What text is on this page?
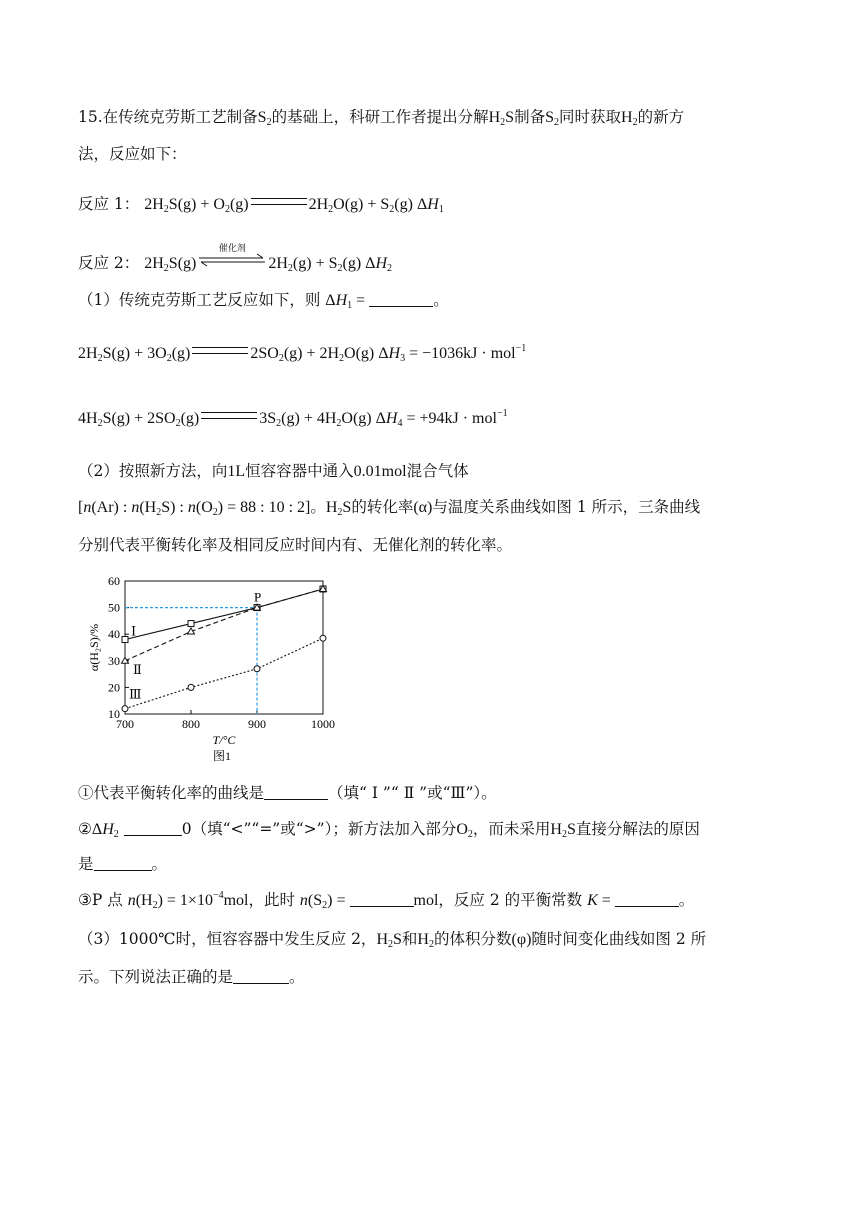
15.在传统克劳斯工艺制备$S_2$的基础上，科研工作者提出分解$H_2S$制备$S_2$同时获取$H_2$的新方
法，反应如下：
反应 1： $2H_2S(g) + O_2(g)$	$2H_2O(g) + S_2(g)$ $\Delta H_1$
反应 2： $2H_2S(g)$
催化剂
$2H_2(g) + S_2(g)$ $\Delta H_2$
（1）传统克劳斯工艺反应如下，则 $\Delta H_1$ =	。
$2H_2S(g) + 3O_2(g)$	$2SO_2(g) + 2H_2O(g) \Delta H_3 = -1036kJ \cdot mol^{-1}$
$4H_2S(g) + 2SO_2(g)$	$3S_2(g) + 4H_2O(g) \Delta H_4 = +94kJ \cdot mol^{-1}$
（2）按照新方法，向1L恒容容器中通入0.01mol混合气体
[n(Ar) : $n(H_2S)$ : $n(O_2) = 88$ : 10 : 2]。$H_2S$的转化率(α)与温度关系曲线如图 1 所示，三条曲线
分别代表平衡转化率及相同反应时间内有、无催化剂的转化率。
10
20
30
40
50
60
700	800	900	1000
T/°C
α(H₂S)/%
图1
Ⅰ
Ⅱ
Ⅲ
P
①代表平衡转化率的曲线是	（填“ Ⅰ ”“ Ⅱ ”或“Ⅲ”）。
$②\Delta H_2$	0（填“<”“=”或“>”）；新方法加入部分$O_2$，而未采用$H_2S$直接分解法的原因
是	。
③P 点 $n(H_2) = 1\times 10^{-4}mol$，此时 $n(S_2)$ =	mol，反应 2 的平衡常数 K =	。
（3）1000℃时，恒容容器中发生反应 2，$H_2S$和$H_2$的体积分数(φ)随时间变化曲线如图 2 所
示。下列说法正确的是	。
